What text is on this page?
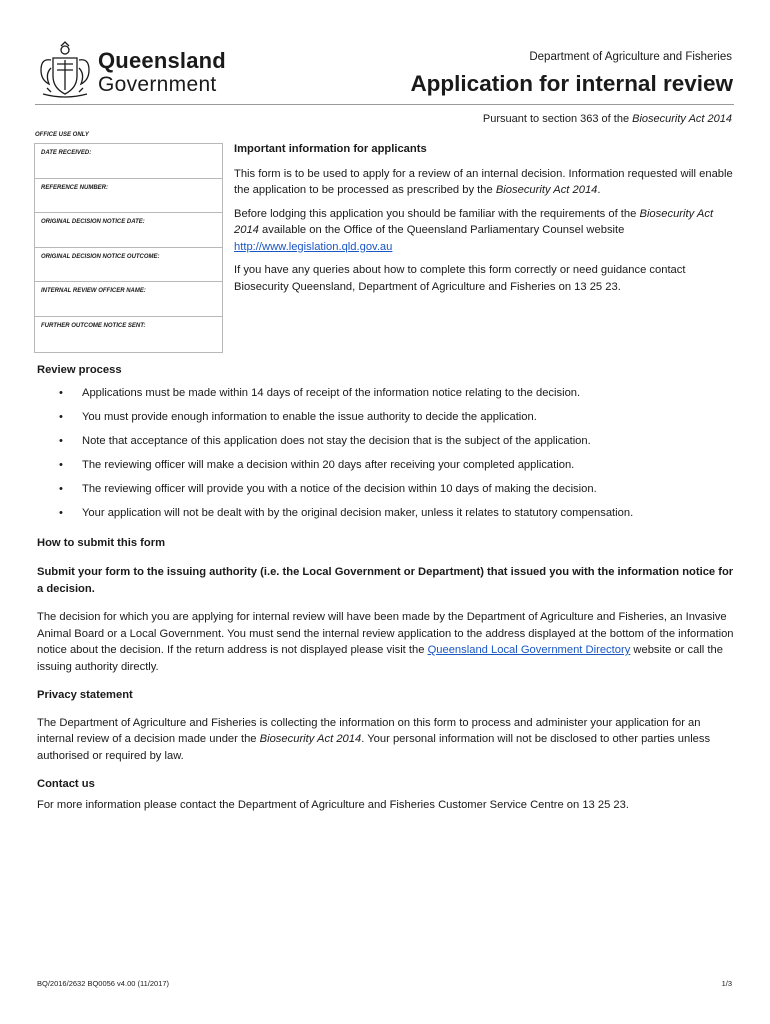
Queensland
Government
Department of Agriculture and Fisheries
Application for internal review
Pursuant to section 363 of the Biosecurity Act 2014
OFFICE USE ONLY
DATE RECEIVED:
REFERENCE NUMBER:
ORIGINAL DECISION NOTICE DATE:
ORIGINAL DECISION NOTICE OUTCOME:
INTERNAL REVIEW OFFICER NAME:
FURTHER OUTCOME NOTICE SENT:
Important information for applicants

This form is to be used to apply for a review of an internal decision. Information requested will enable the application to be processed as prescribed by the Biosecurity Act 2014.

Before lodging this application you should be familiar with the requirements of the Biosecurity Act 2014 available on the Office of the Queensland Parliamentary Counsel website http://www.legislation.qld.gov.au

If you have any queries about how to complete this form correctly or need guidance contact Biosecurity Queensland, Department of Agriculture and Fisheries on 13 25 23.

Review process
• Applications must be made within 14 days of receipt of the information notice relating to the decision.
• You must provide enough information to enable the issue authority to decide the application.
• Note that acceptance of this application does not stay the decision that is the subject of the application.
• The reviewing officer will make a decision within 20 days after receiving your completed application.
• The reviewing officer will provide you with a notice of the decision within 10 days of making the decision.
• Your application will not be dealt with by the original decision maker, unless it relates to statutory compensation.
How to submit this form

Submit your form to the issuing authority (i.e. the Local Government or Department) that issued you with the information notice for a decision.

The decision for which you are applying for internal review will have been made by the Department of Agriculture and Fisheries, an Invasive Animal Board or a Local Government. You must send the internal review application to the address displayed at the bottom of the information notice about the decision. If the return address is not displayed please visit the Queensland Local Government Directory website or call the issuing authority directly.

Privacy statement

The Department of Agriculture and Fisheries is collecting the information on this form to process and administer your application for an internal review of a decision made under the Biosecurity Act 2014. Your personal information will not be disclosed to other parties unless authorised or required by law.

Contact us

For more information please contact the Department of Agriculture and Fisheries Customer Service Centre on 13 25 23.

BQ/2016/2632 BQ0056 v4.00 (11/2017)	1/3
